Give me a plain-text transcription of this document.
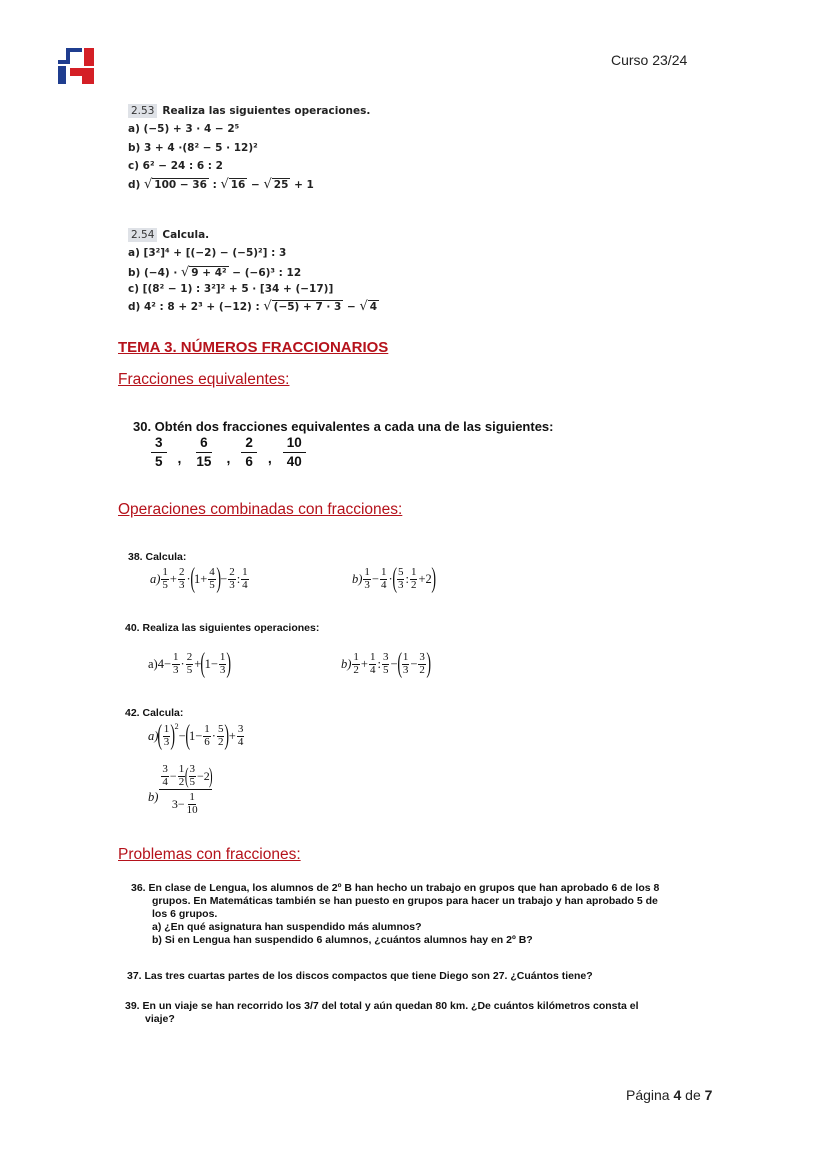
Curso 23/24
2.53 Realiza las siguientes operaciones.
a) (−5) + 3 · 4 − 2⁵
b) 3 + 4 ·(8² − 5 · 12)²
c) 6² − 24 : 6 : 2
d) √ 100 − 36 : √ 16 − √ 25 + 1
2.54 Calcula.
a) [3²]⁴ + [(−2) − (−5)²] : 3
b) (−4) · √ 9 + 4² − (−6)³ : 12
c) [(8² − 1) : 3²]² + 5 · [34 + (−17)]
d) 4² : 8 + 2³ + (−12) : √ (−5) + 7 · 3 − √ 4
TEMA 3. NÚMEROS FRACCIONARIOS
Fracciones equivalentes:
30. Obtén dos fracciones equivalentes a cada una de las siguientes:
$\frac{3}{5}$ , $\frac{6}{15}$ , $\frac{2}{6}$ , $\frac{10}{40}$
Operaciones combinadas con fracciones:
38. Calcula:
$a) \frac{1}{5} + \frac{2}{3}$ · ( $1+ \frac{4}{5}$ ) − $\frac{2}{3}$ : $\frac{1}{4}$	$b) \frac{1}{3} - \frac{1}{4}$ · ( $\frac{5}{3}$ : $\frac{1}{2} +2$ )
40. Realiza las siguientes operaciones:
$a)4- \frac{1}{3} \cdot \frac{2}{5}$ + ( $1- \frac{1}{3}$ )	$b) \frac{1}{2} + \frac{1}{4}$ : $\frac{3}{5}$ − ( $\frac{1}{3} - \frac{3}{2}$ )
42. Calcula:
a) ( $\frac{1}{3} )^2$
− ( $1- \frac{1}{6} \cdot \frac{5}{2}$ ) + $\frac{3}{4}$
$b) \frac{3}{4} - \frac{1}{2}$ ( $\frac{3}{5} -2$
)
$3- \frac{1}{10}$
Problemas con fracciones:
36. En clase de Lengua, los alumnos de 2º B han hecho un trabajo en grupos que han aprobado 6 de los 8
grupos. En Matemáticas también se han puesto en grupos para hacer un trabajo y han aprobado 5 de
los 6 grupos.
a) ¿En qué asignatura han suspendido más alumnos?
b) Si en Lengua han suspendido 6 alumnos, ¿cuántos alumnos hay en 2º B?
37. Las tres cuartas partes de los discos compactos que tiene Diego son 27. ¿Cuántos tiene?
39. En un viaje se han recorrido los 3/7 del total y aún quedan 80 km. ¿De cuántos kilómetros consta el
viaje?
Página 4 de 7
